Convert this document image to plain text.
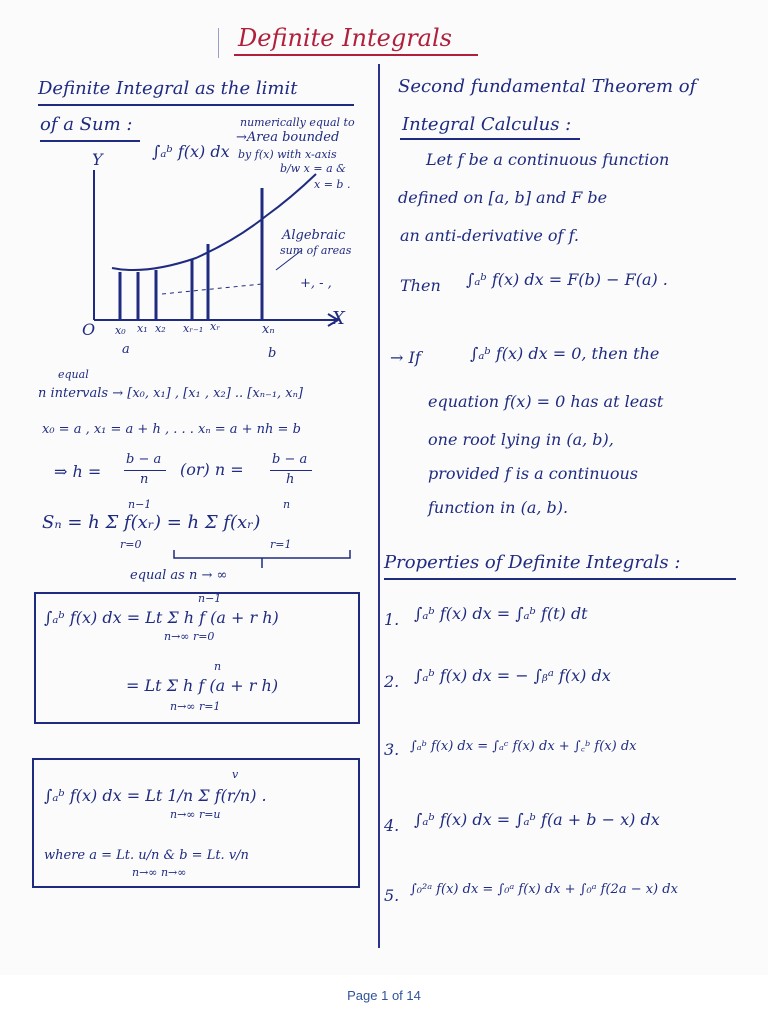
Definite Integrals
Definite Integral as the limit
of a Sum :
∫ₐᵇ f(x) dx
numerically equal to
→Area bounded
by f(x) with x-axis
b/w x = a &
x = b .
Y
X
O x₀ x₁ x₂ xᵣ₋₁ xᵣ	xₙ
a	b
Algebraic
sum of areas
+, - ,
equal
n intervals → [x₀, x₁] , [x₁ , x₂] .. [xₙ₋₁, xₙ]
x₀ = a , x₁ = a + h , . . . xₙ = a + nh = b
⇒ h =
b − a
n
(or) n =
b − a
h
n−1	n
Sₙ = h Σ f(xᵣ) = h Σ f(xᵣ)
r=0	r=1
equal as n → ∞
n−1
∫ₐᵇ f(x) dx = Lt Σ h f (a + r h)
n→∞ r=0
n
= Lt Σ h f (a + r h)
n→∞ r=1
v
∫ₐᵇ f(x) dx = Lt 1/n Σ f(r/n) .
n→∞ r=u
where a = Lt. u/n & b = Lt. v/n
n→∞ n→∞
Second fundamental Theorem of
Integral Calculus :
Let f be a continuous function
defined on [a, b] and F be
an anti-derivative of f.
Then ∫ₐᵇ f(x) dx = F(b) − F(a) .
→ If	∫ₐᵇ f(x) dx = 0, then the
equation f(x) = 0 has at least
one root lying in (a, b),
provided f is a continuous
function in (a, b).
Properties of Definite Integrals :
1. ∫ₐᵇ f(x) dx = ∫ₐᵇ f(t) dt
2. ∫ₐᵇ f(x) dx = − ∫ᵦᵃ f(x) dx
3. ∫ₐᵇ f(x) dx = ∫ₐᶜ f(x) dx + ∫꜀ᵇ f(x) dx
4. ∫ₐᵇ f(x) dx = ∫ₐᵇ f(a + b − x) dx
5. ∫₀²ᵃ f(x) dx = ∫₀ᵃ f(x) dx + ∫₀ᵃ f(2a − x) dx
Page 1 of 14
